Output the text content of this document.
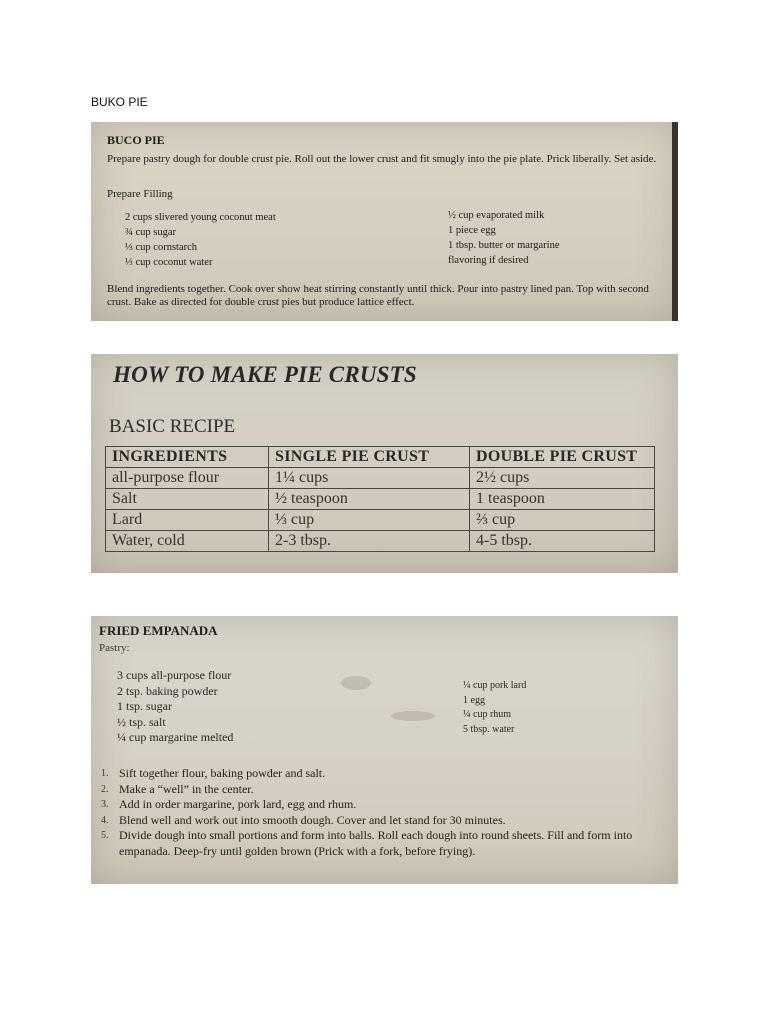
BUKO PIE
BUCO PIE
Prepare pastry dough for double crust pie. Roll out the lower crust and fit smugly into the pie plate. Prick liberally. Set aside.
Prepare Filling
2 cups slivered young coconut meat
¾ cup sugar
⅓ cup cornstarch
⅓ cup coconut water
½ cup evaporated milk
1 piece egg
1 tbsp. butter or margarine
flavoring if desired
Blend ingredients together. Cook over show heat stirring constantly until thick. Pour into pastry lined pan. Top with second crust. Bake as directed for double crust pies but produce lattice effect.
HOW TO MAKE PIE CRUSTS
BASIC RECIPE
INGREDIENTS	SINGLE PIE CRUST	DOUBLE PIE CRUST
all-purpose flour	1¼ cups	2½ cups
Salt	½ teaspoon	1 teaspoon
Lard	⅓ cup	⅔ cup
Water, cold	2-3 tbsp.	4-5 tbsp.
FRIED EMPANADA
Pastry:
3 cups all-purpose flour
2 tsp. baking powder
1 tsp. sugar
½ tsp. salt
¼ cup margarine melted
¼ cup pork lard
1 egg
¼ cup rhum
5 tbsp. water
1. Sift together flour, baking powder and salt.
2. Make a “well” in the center.
3. Add in order margarine, pork lard, egg and rhum.
4. Blend well and work out into smooth dough. Cover and let stand for 30 minutes.
5. Divide dough into small portions and form into balls. Roll each dough into round sheets. Fill and form into empanada. Deep-fry until golden brown (Prick with a fork, before frying).
